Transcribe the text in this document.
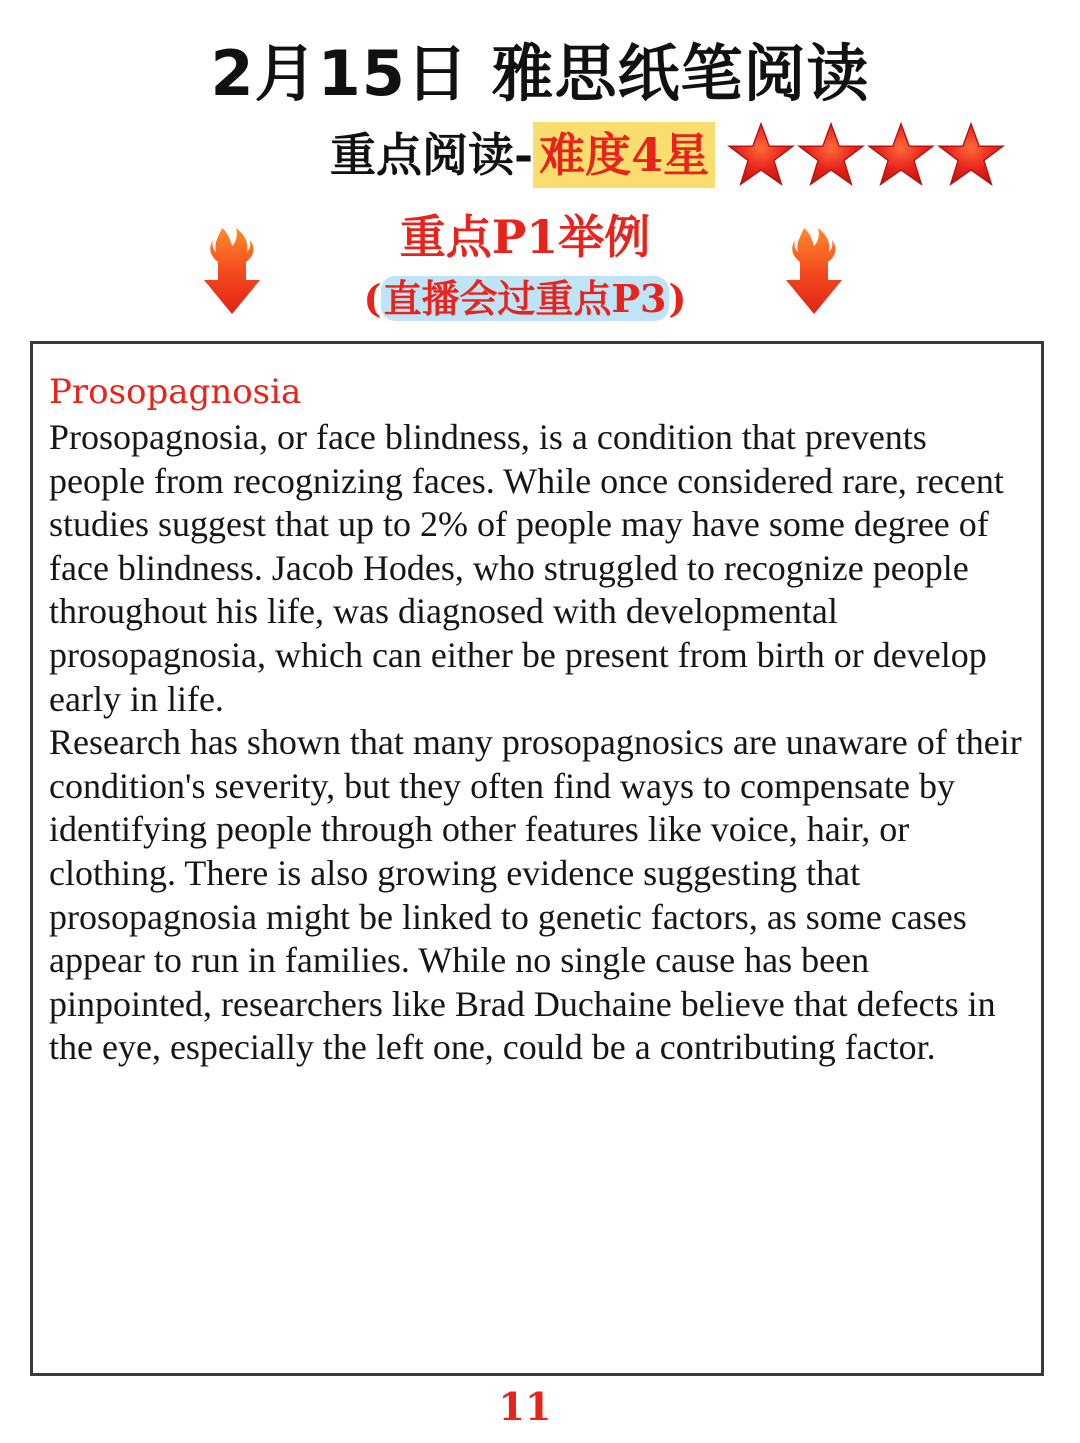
2月15日 雅思纸笔阅读
重点阅读- 难度4星
重点P1举例
(直播会过重点P3)
Prosopagnosia

Prosopagnosia, or face blindness, is a condition that prevents people from recognizing faces. While once considered rare, recent studies suggest that up to 2% of people may have some degree of face blindness. Jacob Hodes, who struggled to recognize people throughout his life, was diagnosed with developmental prosopagnosia, which can either be present from birth or develop early in life.

Research has shown that many prosopagnosics are unaware of their condition's severity, but they often find ways to compensate by identifying people through other features like voice, hair, or clothing. There is also growing evidence suggesting that prosopagnosia might be linked to genetic factors, as some cases appear to run in families. While no single cause has been pinpointed, researchers like Brad Duchaine believe that defects in the eye, especially the left one, could be a contributing factor.

11
